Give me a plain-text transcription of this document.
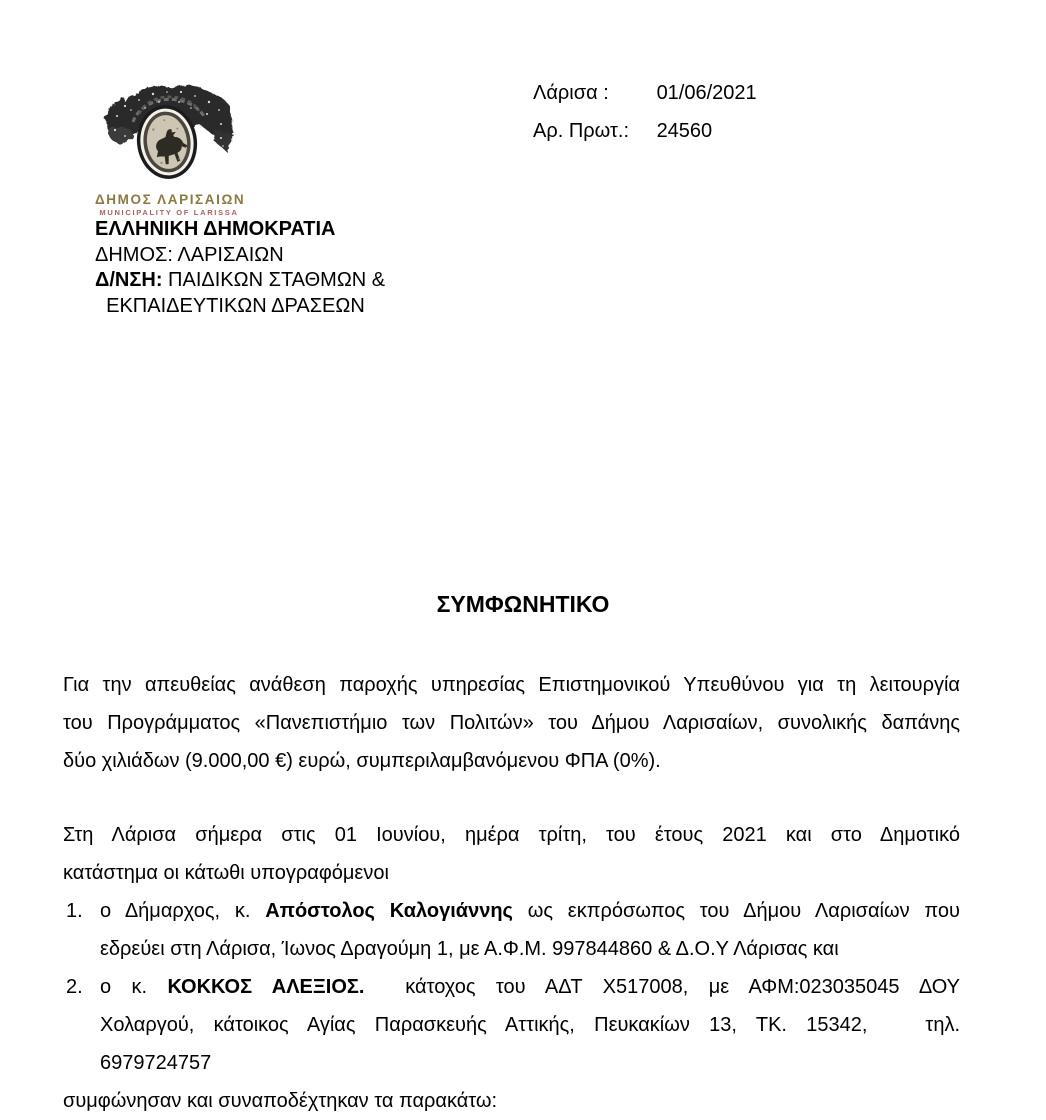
ΔΗΜΟΣ ΛΑΡΙΣΑΙΩΝ
MUNICIPALITY OF LARISSA
Λάρισα : 01/06/2021
Αρ. Πρωτ.: 24560
ΕΛΛΗΝΙΚΗ ΔΗΜΟΚΡΑΤΙΑ
ΔΗΜΟΣ: ΛΑΡΙΣΑΙΩΝ
Δ/ΝΣΗ: ΠΑΙΔΙΚΩΝ ΣΤΑΘΜΩΝ &
ΕΚΠΑΙΔΕΥΤΙΚΩΝ ΔΡΑΣΕΩΝ
ΣΥΜΦΩΝΗΤΙΚΟ
Για την απευθείας ανάθεση παροχής υπηρεσίας Επιστημονικού Υπευθύνου για τη λειτουργία
του Προγράμματος «Πανεπιστήμιο των Πολιτών» του Δήμου Λαρισαίων, συνολικής δαπάνης
δύο χιλιάδων (9.000,00 €) ευρώ, συμπεριλαμβανόμενου ΦΠΑ (0%).
Στη Λάρισα σήμερα στις 01 Ιουνίου, ημέρα τρίτη, του έτους 2021 και στο Δημοτικό
κατάστημα οι κάτωθι υπογραφόμενοι
1. ο Δήμαρχος, κ. Απόστολος Καλογιάννης ως εκπρόσωπος του Δήμου Λαρισαίων που
εδρεύει στη Λάρισα, Ίωνος Δραγούμη 1, με Α.Φ.Μ. 997844860 & Δ.Ο.Υ Λάρισας και
2. ο κ. ΚΟΚΚΟΣ ΑΛΕΞΙΟΣ.  κάτοχος του ΑΔΤ Χ517008, με ΑΦΜ:023035045 ΔΟΥ
Χολαργού, κάτοικος Αγίας Παρασκευής Αττικής, Πευκακίων 13, ΤΚ. 15342,   τηλ.
6979724757
συμφώνησαν και συναποδέχτηκαν τα παρακάτω:
